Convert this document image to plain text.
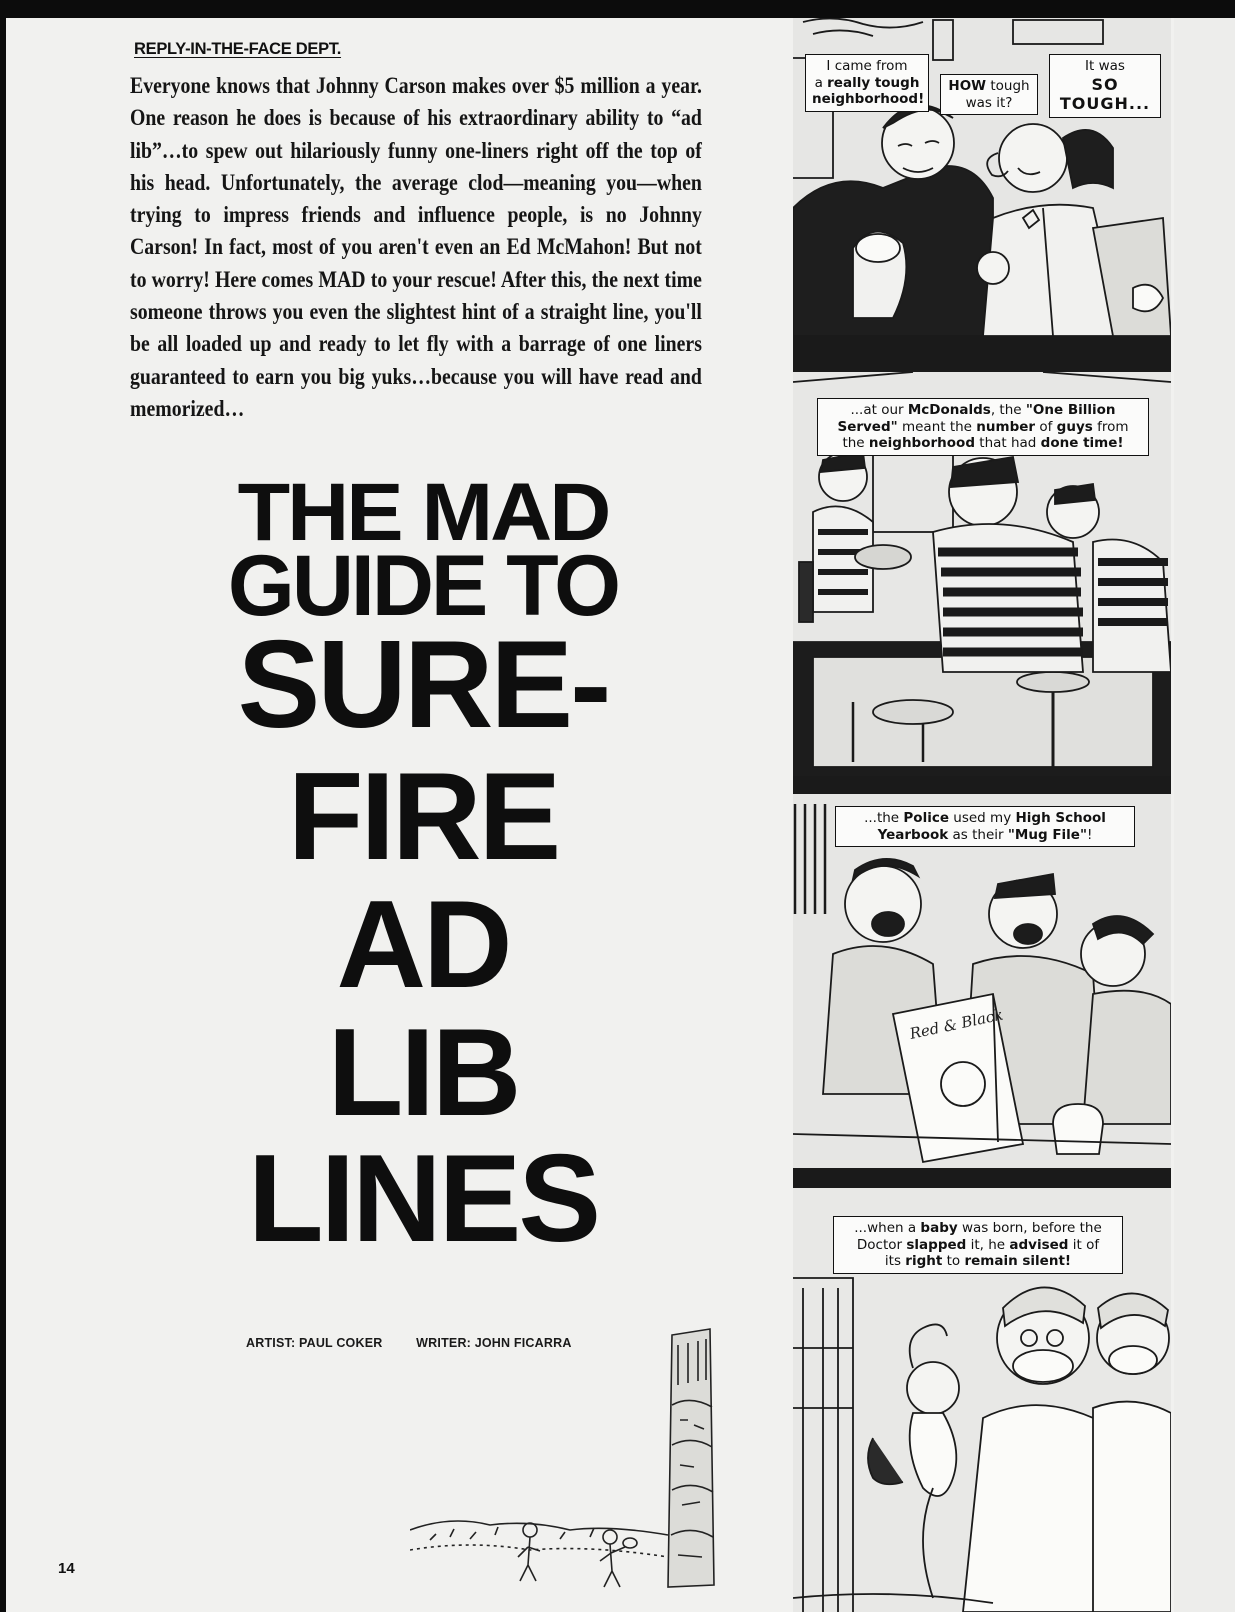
REPLY-IN-THE-FACE DEPT.

Everyone knows that Johnny Carson makes over $5 million a year. One reason he does is because of his extraordinary ability to “ad lib”…to spew out hilariously funny one-liners right off the top of his head. Unfortunately, the average clod—meaning you—when trying to impress friends and influence people, is no Johnny Carson! In fact, most of you aren't even an Ed McMahon! But not to worry! Here comes MAD to your rescue! After this, the next time someone throws you even the slightest hint of a straight line, you'll be all loaded up and ready to let fly with a barrage of one liners guaranteed to earn you big yuks…because you will have read and memorized…

THE MAD
GUIDE TO
SURE-
FIRE
AD
LIB
LINES
ARTIST: PAUL COKER	WRITER: JOHN FICARRA
14
I came from
a really tough
neighborhood!
HOW tough
was it?
It was
SO
TOUGH...
...at our McDonalds, the "One Billion
Served" meant the number of guys from
the neighborhood that had done time!
Red & Black
...the Police used my High School
Yearbook as their "Mug File"!
...when a baby was born, before the
Doctor slapped it, he advised it of
its right to remain silent!
